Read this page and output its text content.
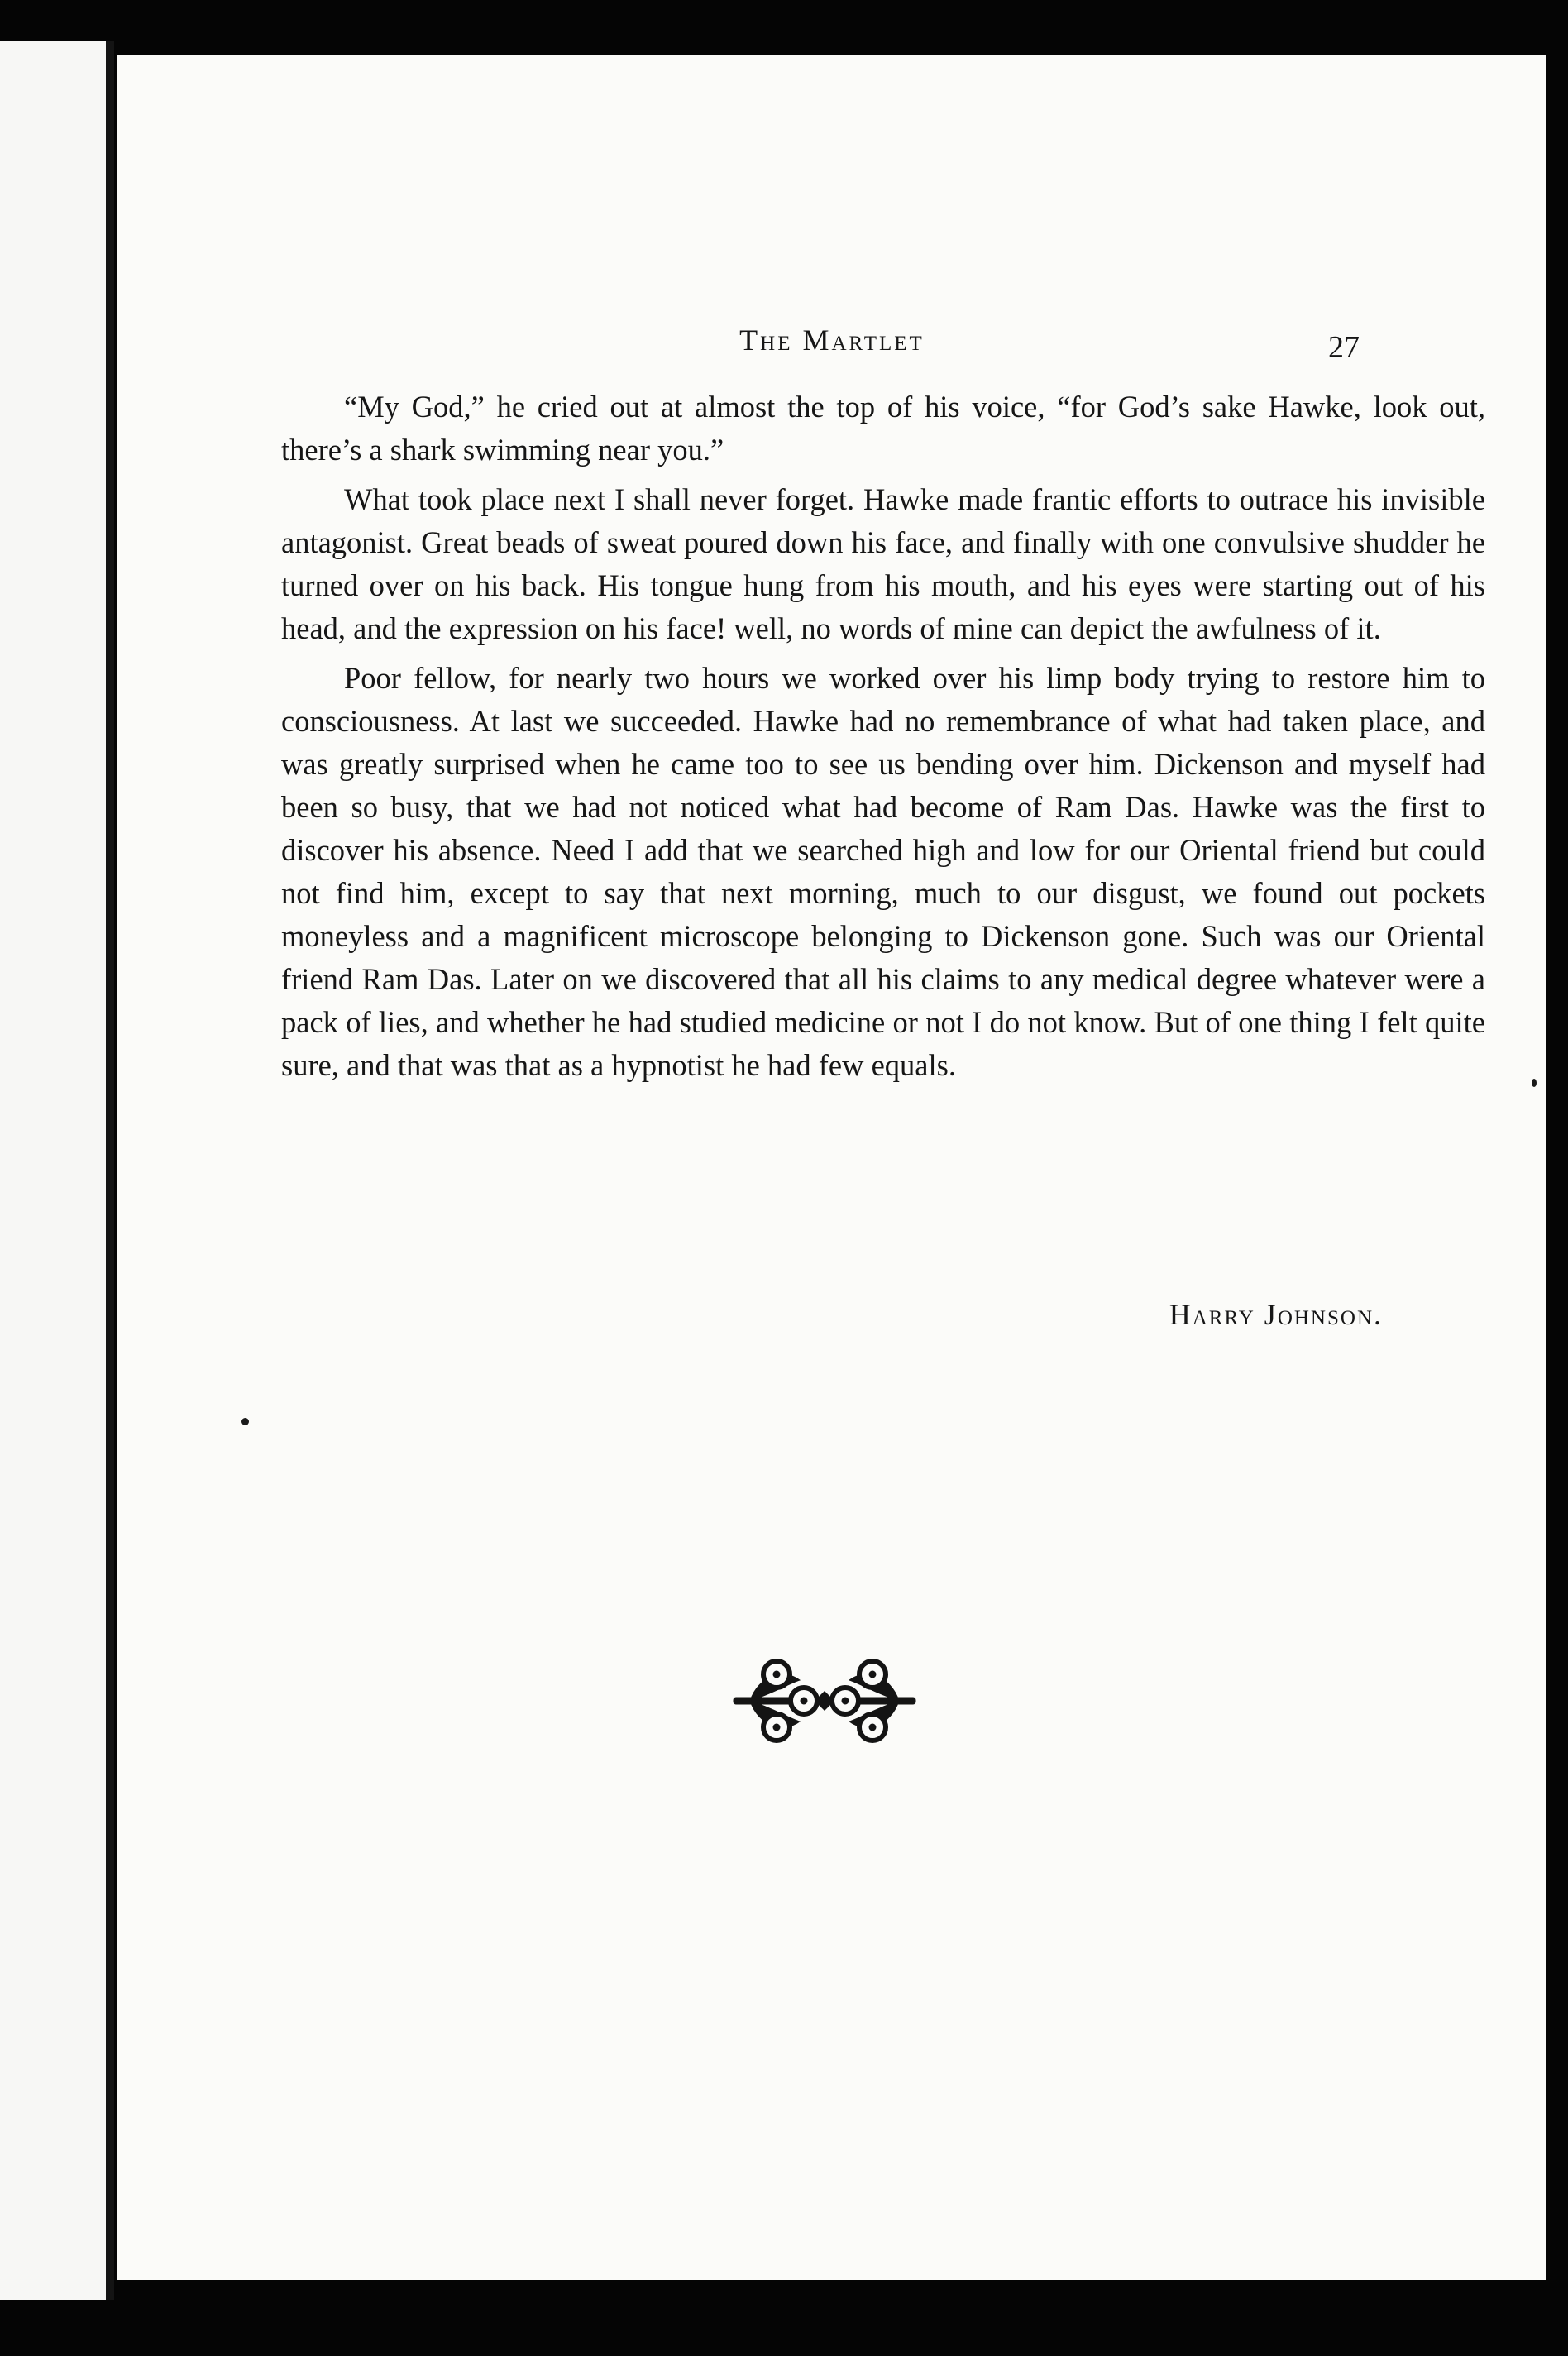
The Martlet	27

“My God,” he cried out at almost the top of his voice, “for God’s sake Hawke, look out, there’s a shark swimming near you.”

What took place next I shall never forget. Hawke made frantic efforts to outrace his invisible antagonist. Great beads of sweat poured down his face, and finally with one convulsive shudder he turned over on his back. His tongue hung from his mouth, and his eyes were starting out of his head, and the expression on his face! well, no words of mine can depict the awfulness of it.

Poor fellow, for nearly two hours we worked over his limp body trying to restore him to consciousness. At last we succeeded. Hawke had no remembrance of what had taken place, and was greatly surprised when he came too to see us bending over him. Dickenson and myself had been so busy, that we had not noticed what had become of Ram Das. Hawke was the first to discover his absence. Need I add that we searched high and low for our Oriental friend but could not find him, except to say that next morning, much to our disgust, we found out pockets moneyless and a magnificent microscope belonging to Dickenson gone. Such was our Oriental friend Ram Das. Later on we discovered that all his claims to any medical degree whatever were a pack of lies, and whether he had studied medicine or not I do not know. But of one thing I felt quite sure, and that was that as a hypnotist he had few equals.

Harry Johnson.
